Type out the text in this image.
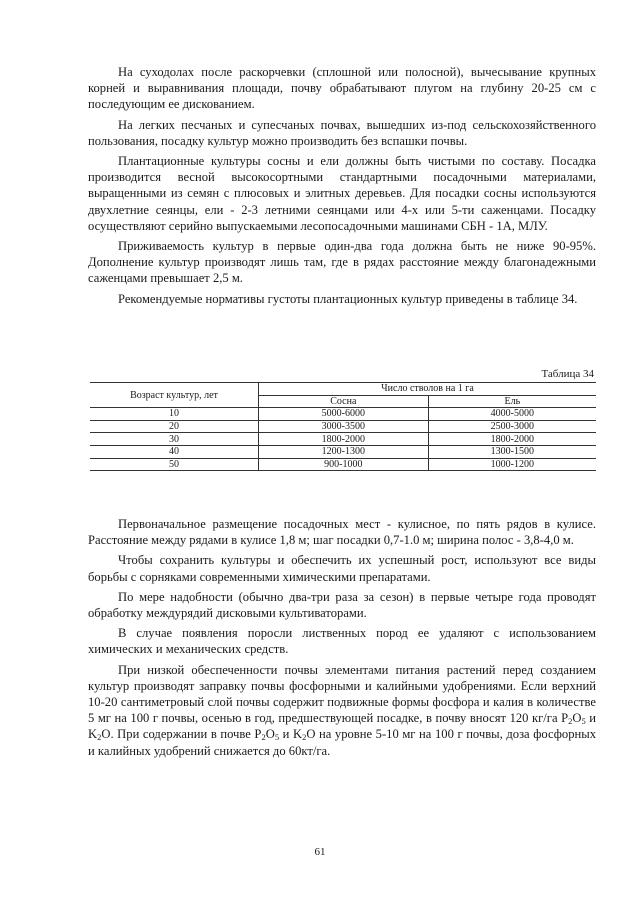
На суходолах после раскорчевки (сплошной или полосной), вычесывание крупных корней и выравнивания площади, почву обрабатывают плугом на глубину 20-25 см с последующим ее дискованием.

На легких песчаных и супесчаных почвах, вышедших из-под сельскохозяйственного пользования, посадку культур можно производить без вспашки почвы.

Плантационные культуры сосны и ели должны быть чистыми по составу. Посадка производится весной высокосортными стандартными посадочными материалами, выращенными из семян с плюсовых и элитных деревьев. Для посадки сосны используются двухлетние сеянцы, ели - 2-3 летними сеянцами или 4-х или 5-ти саженцами. Посадку осуществляют серийно выпускаемыми лесопосадочными машинами СБН - 1А, МЛУ.

Приживаемость культур в первые один-два года должна быть не ниже 90-95%. Дополнение культур производят лишь там, где в рядах расстояние между благонадежными саженцами превышает 2,5 м.

Рекомендуемые нормативы густоты плантационных культур приведены в таблице 34.

Таблица 34
Возраст культур, лет	Число стволов на 1 га	
	Сосна	Ель
10	5000-6000	4000-5000
20	3000-3500	2500-3000
30	1800-2000	1800-2000
40	1200-1300	1300-1500
50	900-1000	1000-1200

Первоначальное размещение посадочных мест - кулисное, по пять рядов в кулисе. Расстояние между рядами в кулисе 1,8 м; шаг посадки 0,7-1.0 м; ширина полос - 3,8-4,0 м.

Чтобы сохранить культуры и обеспечить их успешный рост, используют все виды борьбы с сорняками современными химическими препаратами.

По мере надобности (обычно два-три раза за сезон) в первые четыре года проводят обработку междурядий дисковыми культиваторами.

В случае появления поросли лиственных пород ее удаляют с использованием химических и механических средств.

При низкой обеспеченности почвы элементами питания растений перед созданием культур производят заправку почвы фосфорными и калийными удобрениями. Если верхний 10-20 сантиметровый слой почвы содержит подвижные формы фосфора и калия в количестве 5 мг на 100 г почвы, осенью в год, предшествующей посадке, в почву вносят 120 кг/га $P_2O_5$ и $K_2O$. При содержании в почве $P_2O_5$ и $K_2O$ на уровне 5-10 мг на 100 г почвы, доза фосфорных и калийных удобрений снижается до 60кт/га.

61
